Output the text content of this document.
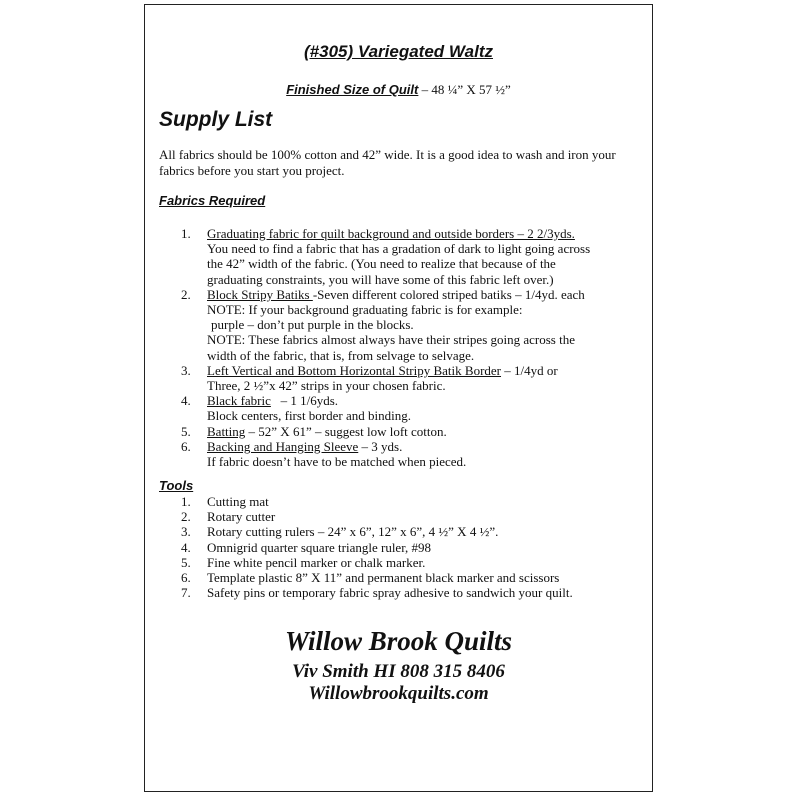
(#305) Variegated Waltz
Finished Size of Quilt – 48 ¼” X 57 ½”
Supply List
All fabrics should be 100% cotton and 42” wide. It is a good idea to wash and iron your fabrics before you start you project.
Fabrics Required
1. Graduating fabric for quilt background and outside borders – 2 2/3yds.
You need to find a fabric that has a gradation of dark to light going across
the 42” width of the fabric. (You need to realize that because of the
graduating constraints, you will have some of this fabric left over.)
2. Block Stripy Batiks -Seven different colored striped batiks – 1/4yd. each
NOTE: If your background graduating fabric is for example:
purple – don’t put purple in the blocks.
NOTE: These fabrics almost always have their stripes going across the
width of the fabric, that is, from selvage to selvage.
3. Left Vertical and Bottom Horizontal Stripy Batik Border – 1/4yd or
Three, 2 ½”x 42” strips in your chosen fabric.
4. Black fabric   – 1 1/6yds.
Block centers, first border and binding.
5. Batting – 52” X 61” – suggest low loft cotton.
6. Backing and Hanging Sleeve – 3 yds.
If fabric doesn’t have to be matched when pieced.
Tools
1. Cutting mat
2. Rotary cutter
3. Rotary cutting rulers – 24” x 6”, 12” x 6”, 4 ½” X 4 ½”.
4. Omnigrid quarter square triangle ruler, #98
5. Fine white pencil marker or chalk marker.
6. Template plastic 8” X 11” and permanent black marker and scissors
7. Safety pins or temporary fabric spray adhesive to sandwich your quilt.
Willow Brook Quilts
Viv Smith HI 808 315 8406
Willowbrookquilts.com
